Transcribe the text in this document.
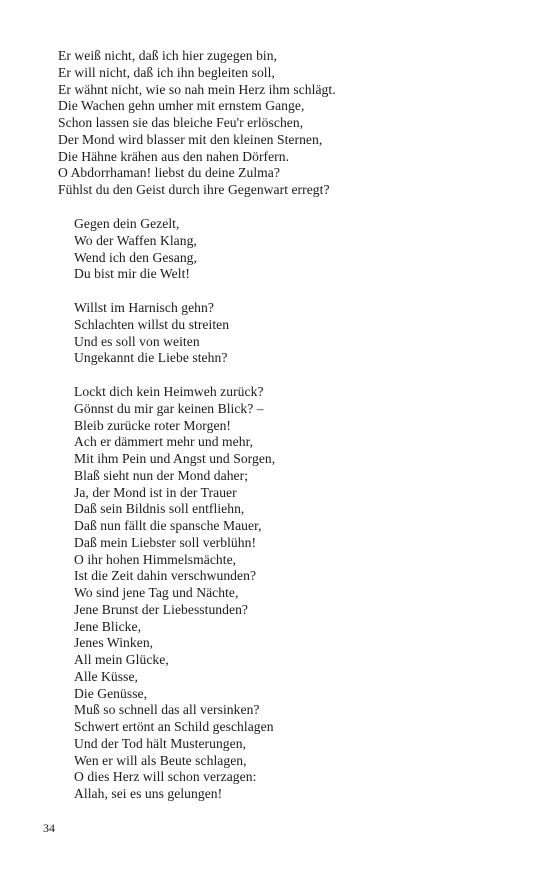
Er weiß nicht, daß ich hier zugegen bin,
Er will nicht, daß ich ihn begleiten soll,
Er wähnt nicht, wie so nah mein Herz ihm schlägt.
Die Wachen gehn umher mit ernstem Gange,
Schon lassen sie das bleiche Feu'r erlöschen,
Der Mond wird blasser mit den kleinen Sternen,
Die Hähne krähen aus den nahen Dörfern.
O Abdorrhaman! liebst du deine Zulma?
Fühlst du den Geist durch ihre Gegenwart erregt?
Gegen dein Gezelt,
Wo der Waffen Klang,
Wend ich den Gesang,
Du bist mir die Welt!
Willst im Harnisch gehn?
Schlachten willst du streiten
Und es soll von weiten
Ungekannt die Liebe stehn?
Lockt dich kein Heimweh zurück?
Gönnst du mir gar keinen Blick? –
Bleib zurücke roter Morgen!
Ach er dämmert mehr und mehr,
Mit ihm Pein und Angst und Sorgen,
Blaß sieht nun der Mond daher;
Ja, der Mond ist in der Trauer
Daß sein Bildnis soll entfliehn,
Daß nun fällt die spansche Mauer,
Daß mein Liebster soll verblühn!
O ihr hohen Himmelsmächte,
Ist die Zeit dahin verschwunden?
Wo sind jene Tag und Nächte,
Jene Brunst der Liebesstunden?
Jene Blicke,
Jenes Winken,
All mein Glücke,
Alle Küsse,
Die Genüsse,
Muß so schnell das all versinken?
Schwert ertönt an Schild geschlagen
Und der Tod hält Musterungen,
Wen er will als Beute schlagen,
O dies Herz will schon verzagen:
Allah, sei es uns gelungen!
34
